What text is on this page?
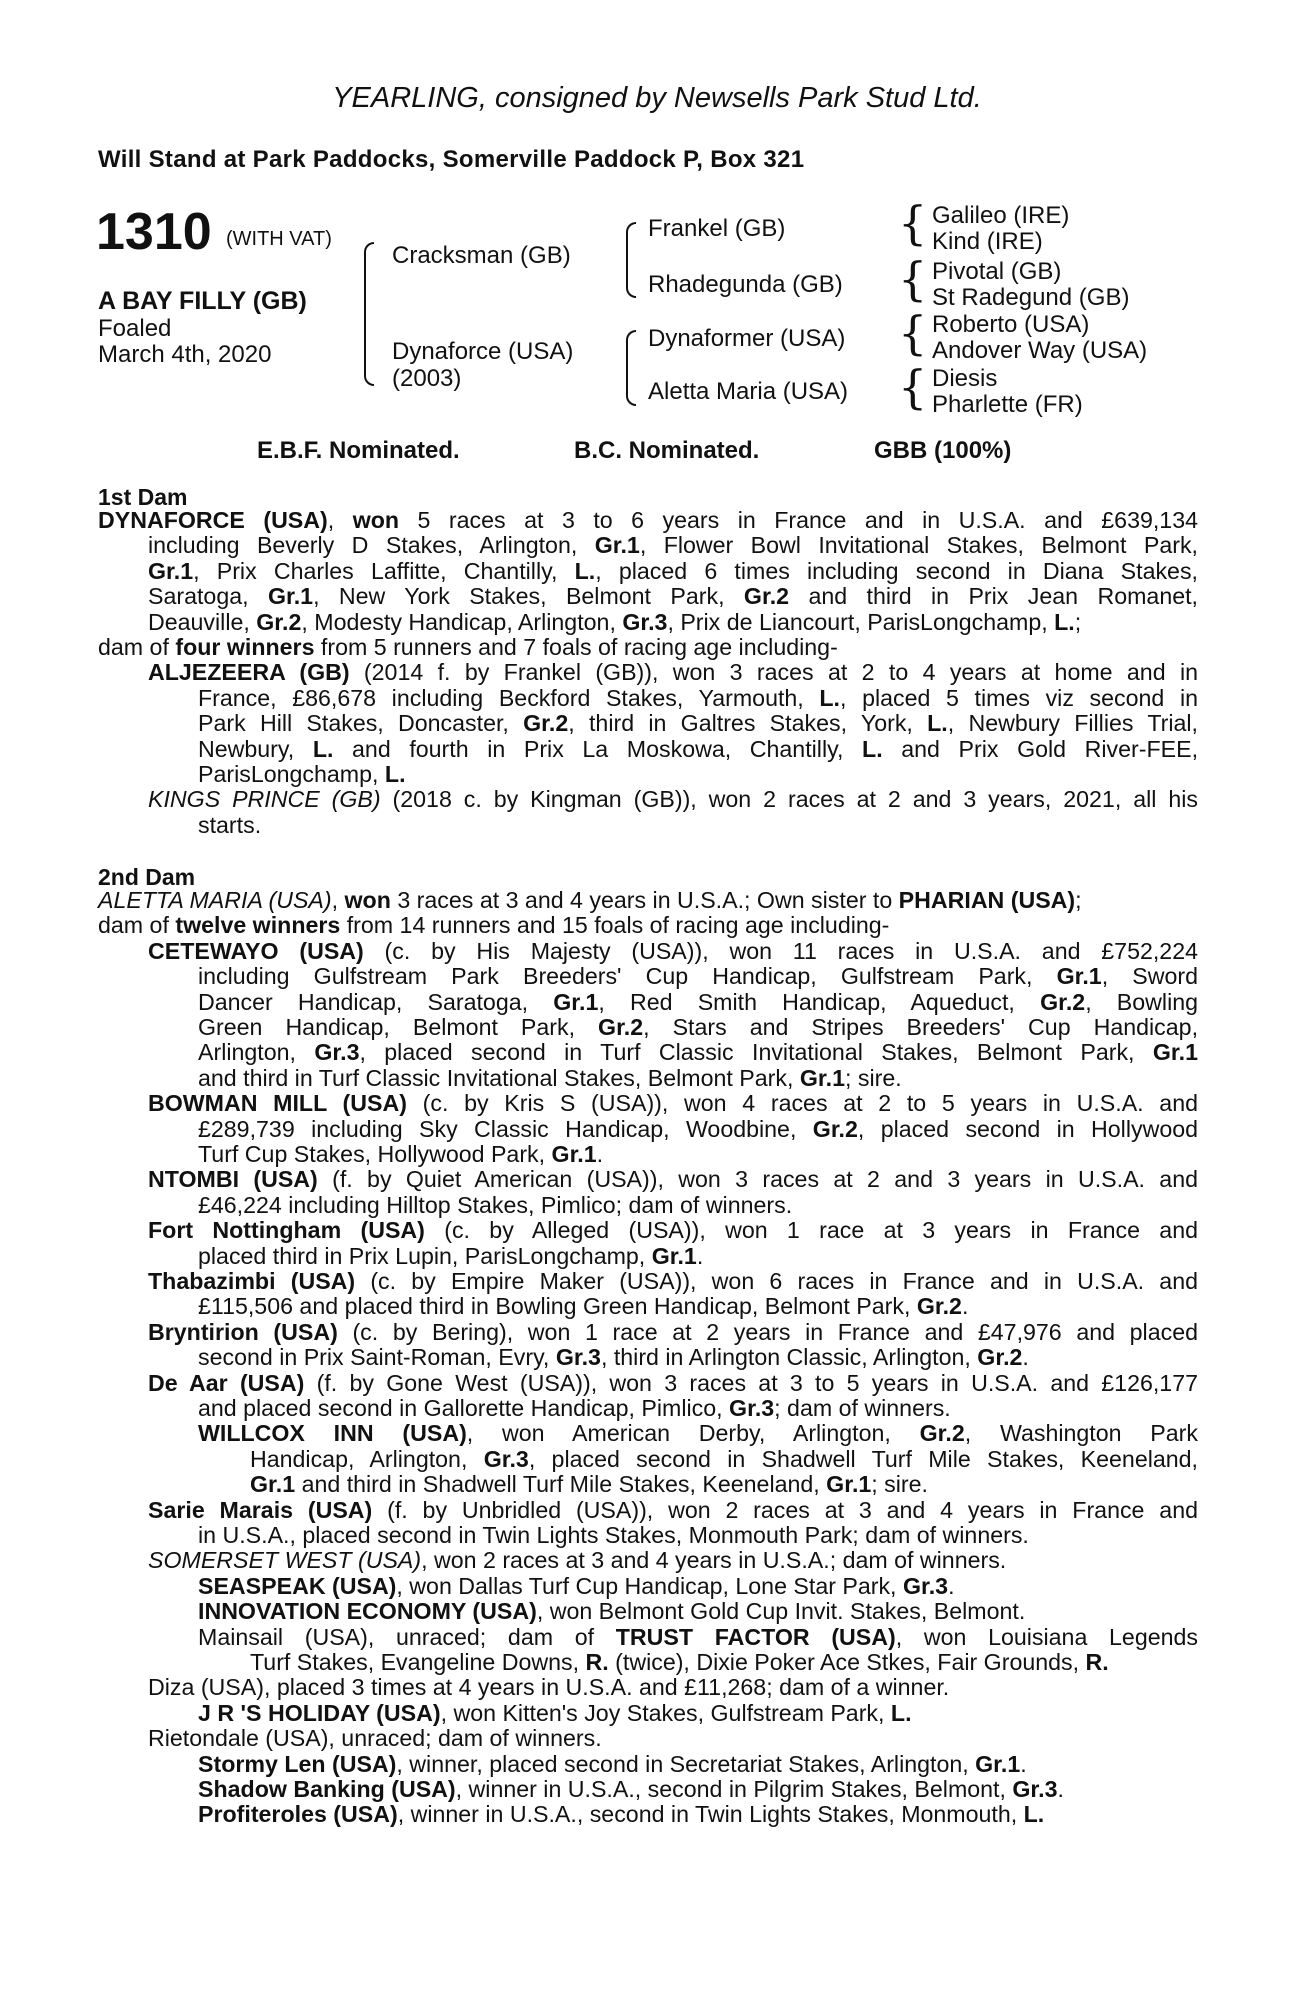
YEARLING, consigned by Newsells Park Stud Ltd.
Will Stand at Park Paddocks, Somerville Paddock P, Box 321
1310 (WITH VAT)
A BAY FILLY (GB)
Foaled
March 4th, 2020
Cracksman (GB)
Dynaforce (USA)
(2003)
Frankel (GB)
Rhadegunda (GB)
Dynaformer (USA)
Aletta Maria (USA)
{ Galileo (IRE)
Kind (IRE)
{ Pivotal (GB)
St Radegund (GB)
{ Roberto (USA)
Andover Way (USA)
{ Diesis
Pharlette (FR)
E.B.F. Nominated.	B.C. Nominated.	GBB (100%)
1st Dam
DYNAFORCE (USA), won 5 races at 3 to 6 years in France and in U.S.A. and £639,134
including Beverly D Stakes, Arlington, Gr.1, Flower Bowl Invitational Stakes, Belmont Park,
Gr.1, Prix Charles Laffitte, Chantilly, L., placed 6 times including second in Diana Stakes,
Saratoga, Gr.1, New York Stakes, Belmont Park, Gr.2 and third in Prix Jean Romanet,
Deauville, Gr.2, Modesty Handicap, Arlington, Gr.3, Prix de Liancourt, ParisLongchamp, L.;
dam of four winners from 5 runners and 7 foals of racing age including-
ALJEZEERA (GB) (2014 f. by Frankel (GB)), won 3 races at 2 to 4 years at home and in
France, £86,678 including Beckford Stakes, Yarmouth, L., placed 5 times viz second in
Park Hill Stakes, Doncaster, Gr.2, third in Galtres Stakes, York, L., Newbury Fillies Trial,
Newbury, L. and fourth in Prix La Moskowa, Chantilly, L. and Prix Gold River-FEE,
ParisLongchamp, L.
KINGS PRINCE (GB) (2018 c. by Kingman (GB)), won 2 races at 2 and 3 years, 2021, all his
starts.
2nd Dam
ALETTA MARIA (USA), won 3 races at 3 and 4 years in U.S.A.; Own sister to PHARIAN (USA);
dam of twelve winners from 14 runners and 15 foals of racing age including-
CETEWAYO (USA) (c. by His Majesty (USA)), won 11 races in U.S.A. and £752,224
including Gulfstream Park Breeders' Cup Handicap, Gulfstream Park, Gr.1, Sword
Dancer Handicap, Saratoga, Gr.1, Red Smith Handicap, Aqueduct, Gr.2, Bowling
Green Handicap, Belmont Park, Gr.2, Stars and Stripes Breeders' Cup Handicap,
Arlington, Gr.3, placed second in Turf Classic Invitational Stakes, Belmont Park, Gr.1
and third in Turf Classic Invitational Stakes, Belmont Park, Gr.1; sire.
BOWMAN MILL (USA) (c. by Kris S (USA)), won 4 races at 2 to 5 years in U.S.A. and
£289,739 including Sky Classic Handicap, Woodbine, Gr.2, placed second in Hollywood
Turf Cup Stakes, Hollywood Park, Gr.1.
NTOMBI (USA) (f. by Quiet American (USA)), won 3 races at 2 and 3 years in U.S.A. and
£46,224 including Hilltop Stakes, Pimlico; dam of winners.
Fort Nottingham (USA) (c. by Alleged (USA)), won 1 race at 3 years in France and
placed third in Prix Lupin, ParisLongchamp, Gr.1.
Thabazimbi (USA) (c. by Empire Maker (USA)), won 6 races in France and in U.S.A. and
£115,506 and placed third in Bowling Green Handicap, Belmont Park, Gr.2.
Bryntirion (USA) (c. by Bering), won 1 race at 2 years in France and £47,976 and placed
second in Prix Saint-Roman, Evry, Gr.3, third in Arlington Classic, Arlington, Gr.2.
De Aar (USA) (f. by Gone West (USA)), won 3 races at 3 to 5 years in U.S.A. and £126,177
and placed second in Gallorette Handicap, Pimlico, Gr.3; dam of winners.
WILLCOX INN (USA), won American Derby, Arlington, Gr.2, Washington Park
Handicap, Arlington, Gr.3, placed second in Shadwell Turf Mile Stakes, Keeneland,
Gr.1 and third in Shadwell Turf Mile Stakes, Keeneland, Gr.1; sire.
Sarie Marais (USA) (f. by Unbridled (USA)), won 2 races at 3 and 4 years in France and
in U.S.A., placed second in Twin Lights Stakes, Monmouth Park; dam of winners.
SOMERSET WEST (USA), won 2 races at 3 and 4 years in U.S.A.; dam of winners.
SEASPEAK (USA), won Dallas Turf Cup Handicap, Lone Star Park, Gr.3.
INNOVATION ECONOMY (USA), won Belmont Gold Cup Invit. Stakes, Belmont.
Mainsail (USA), unraced; dam of TRUST FACTOR (USA), won Louisiana Legends
Turf Stakes, Evangeline Downs, R. (twice), Dixie Poker Ace Stkes, Fair Grounds, R.
Diza (USA), placed 3 times at 4 years in U.S.A. and £11,268; dam of a winner.
J R 'S HOLIDAY (USA), won Kitten's Joy Stakes, Gulfstream Park, L.
Rietondale (USA), unraced; dam of winners.
Stormy Len (USA), winner, placed second in Secretariat Stakes, Arlington, Gr.1.
Shadow Banking (USA), winner in U.S.A., second in Pilgrim Stakes, Belmont, Gr.3.
Profiteroles (USA), winner in U.S.A., second in Twin Lights Stakes, Monmouth, L.
